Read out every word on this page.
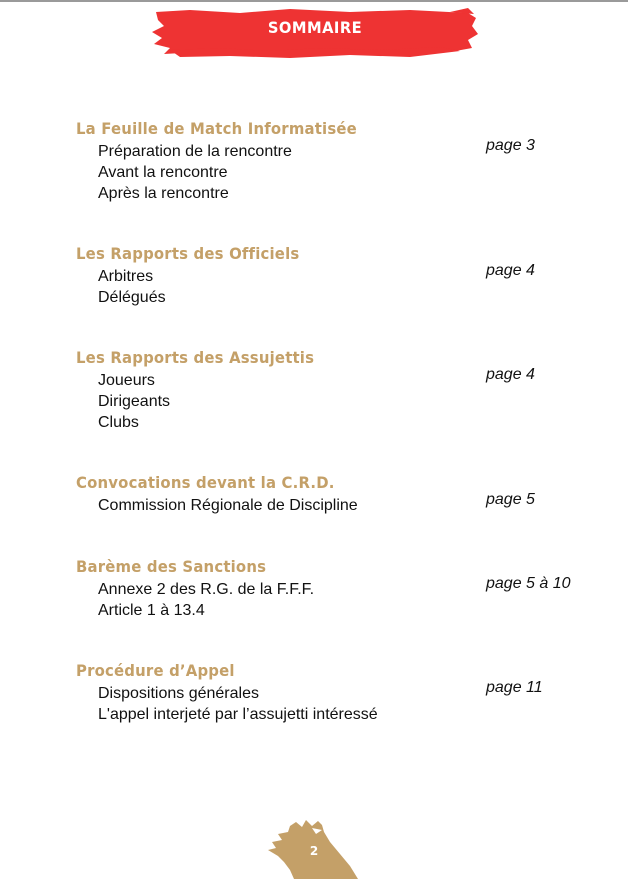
SOMMAIRE
La Feuille de Match Informatisée
Préparation de la rencontre
Avant la rencontre
Après la rencontre
page 3
Les Rapports des Officiels
Arbitres
Délégués
page 4
Les Rapports des Assujettis
Joueurs
Dirigeants
Clubs
page 4
Convocations devant la C.R.D.
Commission Régionale de Discipline	page 5
Barème des Sanctions
Annexe 2 des R.G. de la F.F.F.
Article 1 à 13.4
page 5 à 10
Procédure d’Appel
Dispositions générales
L'appel interjeté par l’assujetti intéressé
page 11
2
